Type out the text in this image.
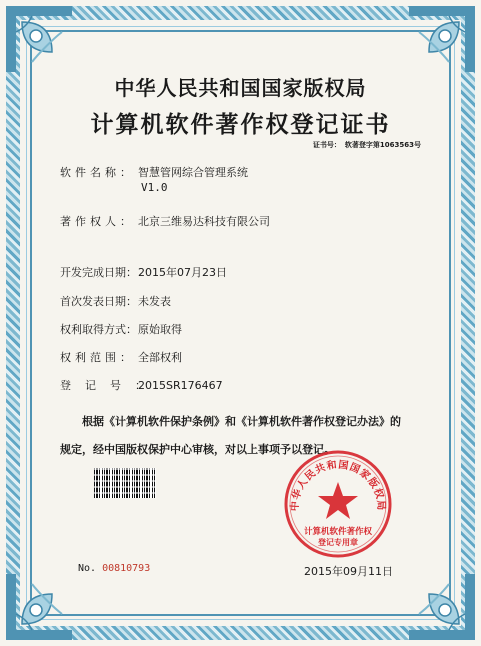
中华人民共和国国家版权局
计算机软件著作权登记证书
证书号： 软著登字第1063563号
软件名称： 智慧管网综合管理系统
V1.0
著作权人： 北京三维易达科技有限公司
开发完成日期：2015年07月23日
首次发表日期：未发表
权利取得方式：原始取得
权利范围： 全部权利
登记号：2015SR176467
根据《计算机软件保护条例》和《计算机软件著作权登记办法》的
规定，经中国版权保护中心审核，对以上事项予以登记。
中华人民共和国国家版权局
计算机软件著作权
登记专用章
No. 00810793	2015年09月11日
